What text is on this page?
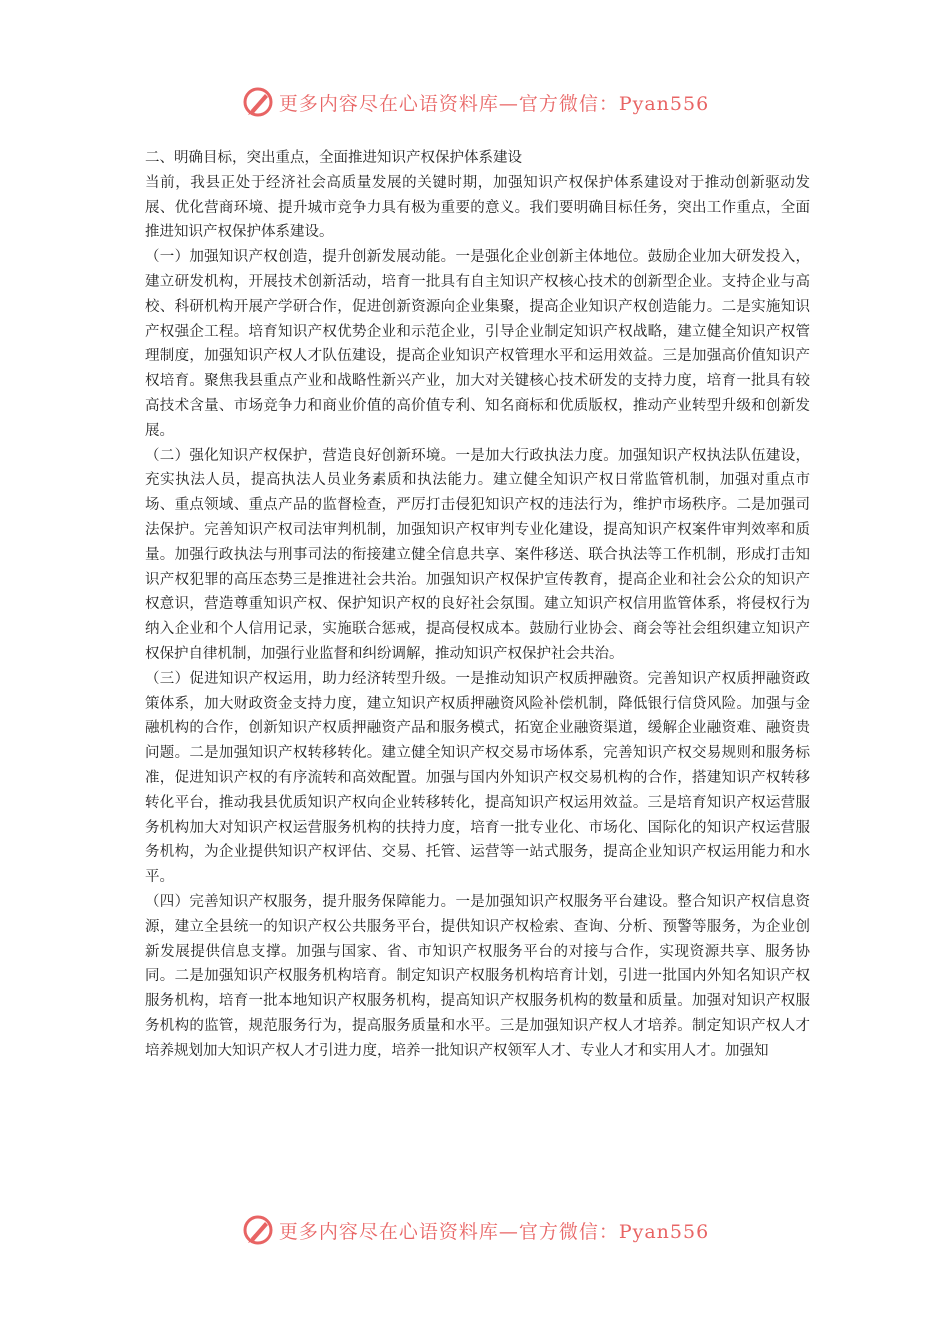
更多内容尽在心语资料库—官方微信：Pyan556

二、明确目标，突出重点，全面推进知识产权保护体系建设

当前，我县正处于经济社会高质量发展的关键时期，加强知识产权保护体系建设对于推动创新驱动发展、优化营商环境、提升城市竞争力具有极为重要的意义。我们要明确目标任务，突出工作重点，全面推进知识产权保护体系建设。

（一）加强知识产权创造，提升创新发展动能。一是强化企业创新主体地位。鼓励企业加大研发投入，建立研发机构，开展技术创新活动，培育一批具有自主知识产权核心技术的创新型企业。支持企业与高校、科研机构开展产学研合作，促进创新资源向企业集聚，提高企业知识产权创造能力。二是实施知识产权强企工程。培育知识产权优势企业和示范企业，引导企业制定知识产权战略，建立健全知识产权管理制度，加强知识产权人才队伍建设，提高企业知识产权管理水平和运用效益。三是加强高价值知识产权培育。聚焦我县重点产业和战略性新兴产业，加大对关键核心技术研发的支持力度，培育一批具有较高技术含量、市场竞争力和商业价值的高价值专利、知名商标和优质版权，推动产业转型升级和创新发展。

（二）强化知识产权保护，营造良好创新环境。一是加大行政执法力度。加强知识产权执法队伍建设，充实执法人员，提高执法人员业务素质和执法能力。建立健全知识产权日常监管机制，加强对重点市场、重点领域、重点产品的监督检查，严厉打击侵犯知识产权的违法行为，维护市场秩序。二是加强司法保护。完善知识产权司法审判机制，加强知识产权审判专业化建设，提高知识产权案件审判效率和质量。加强行政执法与刑事司法的衔接建立健全信息共享、案件移送、联合执法等工作机制，形成打击知识产权犯罪的高压态势三是推进社会共治。加强知识产权保护宣传教育，提高企业和社会公众的知识产权意识，营造尊重知识产权、保护知识产权的良好社会氛围。建立知识产权信用监管体系，将侵权行为纳入企业和个人信用记录，实施联合惩戒，提高侵权成本。鼓励行业协会、商会等社会组织建立知识产权保护自律机制，加强行业监督和纠纷调解，推动知识产权保护社会共治。

（三）促进知识产权运用，助力经济转型升级。一是推动知识产权质押融资。完善知识产权质押融资政策体系，加大财政资金支持力度，建立知识产权质押融资风险补偿机制，降低银行信贷风险。加强与金融机构的合作，创新知识产权质押融资产品和服务模式，拓宽企业融资渠道，缓解企业融资难、融资贵问题。二是加强知识产权转移转化。建立健全知识产权交易市场体系，完善知识产权交易规则和服务标准，促进知识产权的有序流转和高效配置。加强与国内外知识产权交易机构的合作，搭建知识产权转移转化平台，推动我县优质知识产权向企业转移转化，提高知识产权运用效益。三是培育知识产权运营服务机构加大对知识产权运营服务机构的扶持力度，培育一批专业化、市场化、国际化的知识产权运营服务机构，为企业提供知识产权评估、交易、托管、运营等一站式服务，提高企业知识产权运用能力和水平。

（四）完善知识产权服务，提升服务保障能力。一是加强知识产权服务平台建设。整合知识产权信息资源，建立全县统一的知识产权公共服务平台，提供知识产权检索、查询、分析、预警等服务，为企业创新发展提供信息支撑。加强与国家、省、市知识产权服务平台的对接与合作，实现资源共享、服务协同。二是加强知识产权服务机构培育。制定知识产权服务机构培育计划，引进一批国内外知名知识产权服务机构，培育一批本地知识产权服务机构，提高知识产权服务机构的数量和质量。加强对知识产权服务机构的监管，规范服务行为，提高服务质量和水平。三是加强知识产权人才培养。制定知识产权人才培养规划加大知识产权人才引进力度，培养一批知识产权领军人才、专业人才和实用人才。加强知

更多内容尽在心语资料库—官方微信：Pyan556
